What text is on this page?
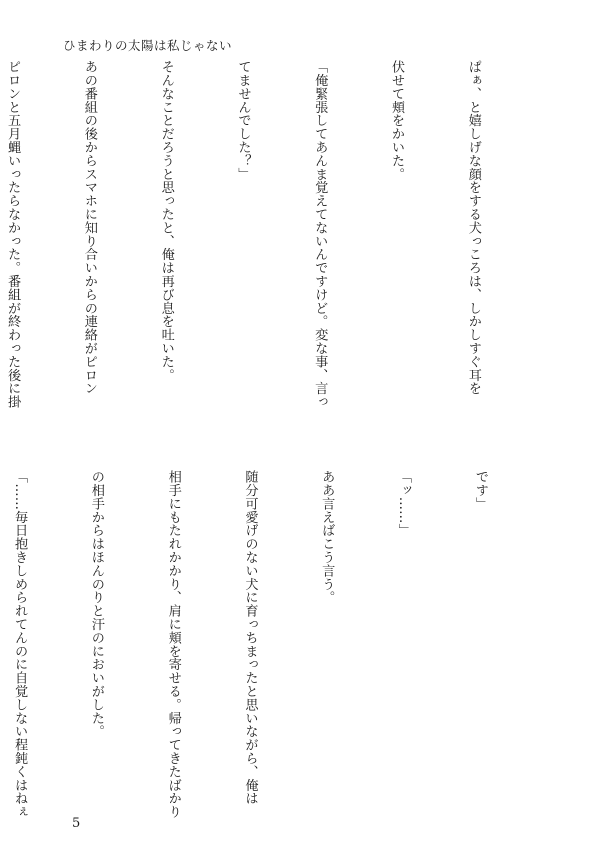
ひまわりの太陽は私じゃない

ぱぁ、と嬉しげな顔をする犬っころは、しかしすぐ耳を

伏せて頬をかいた。

「俺緊張してあんま覚えてないんですけど。変な事、言っ

てませんでした？」

そんなことだろうと思ったと、俺は再び息を吐いた。

あの番組の後からスマホに知り合いからの連絡がピロン

ピロンと五月蝿いったらなかった。番組が終わった後に掛

です」

「ッ……」

ああ言えばこう言う。

随分可愛げのない犬に育っちまったと思いながら、俺は

相手にもたれかかり、肩に頬を寄せる。帰ってきたばかり

の相手からはほんのりと汗のにおいがした。

「……毎日抱きしめられてんのに自覚しない程鈍くはねぇ

5
